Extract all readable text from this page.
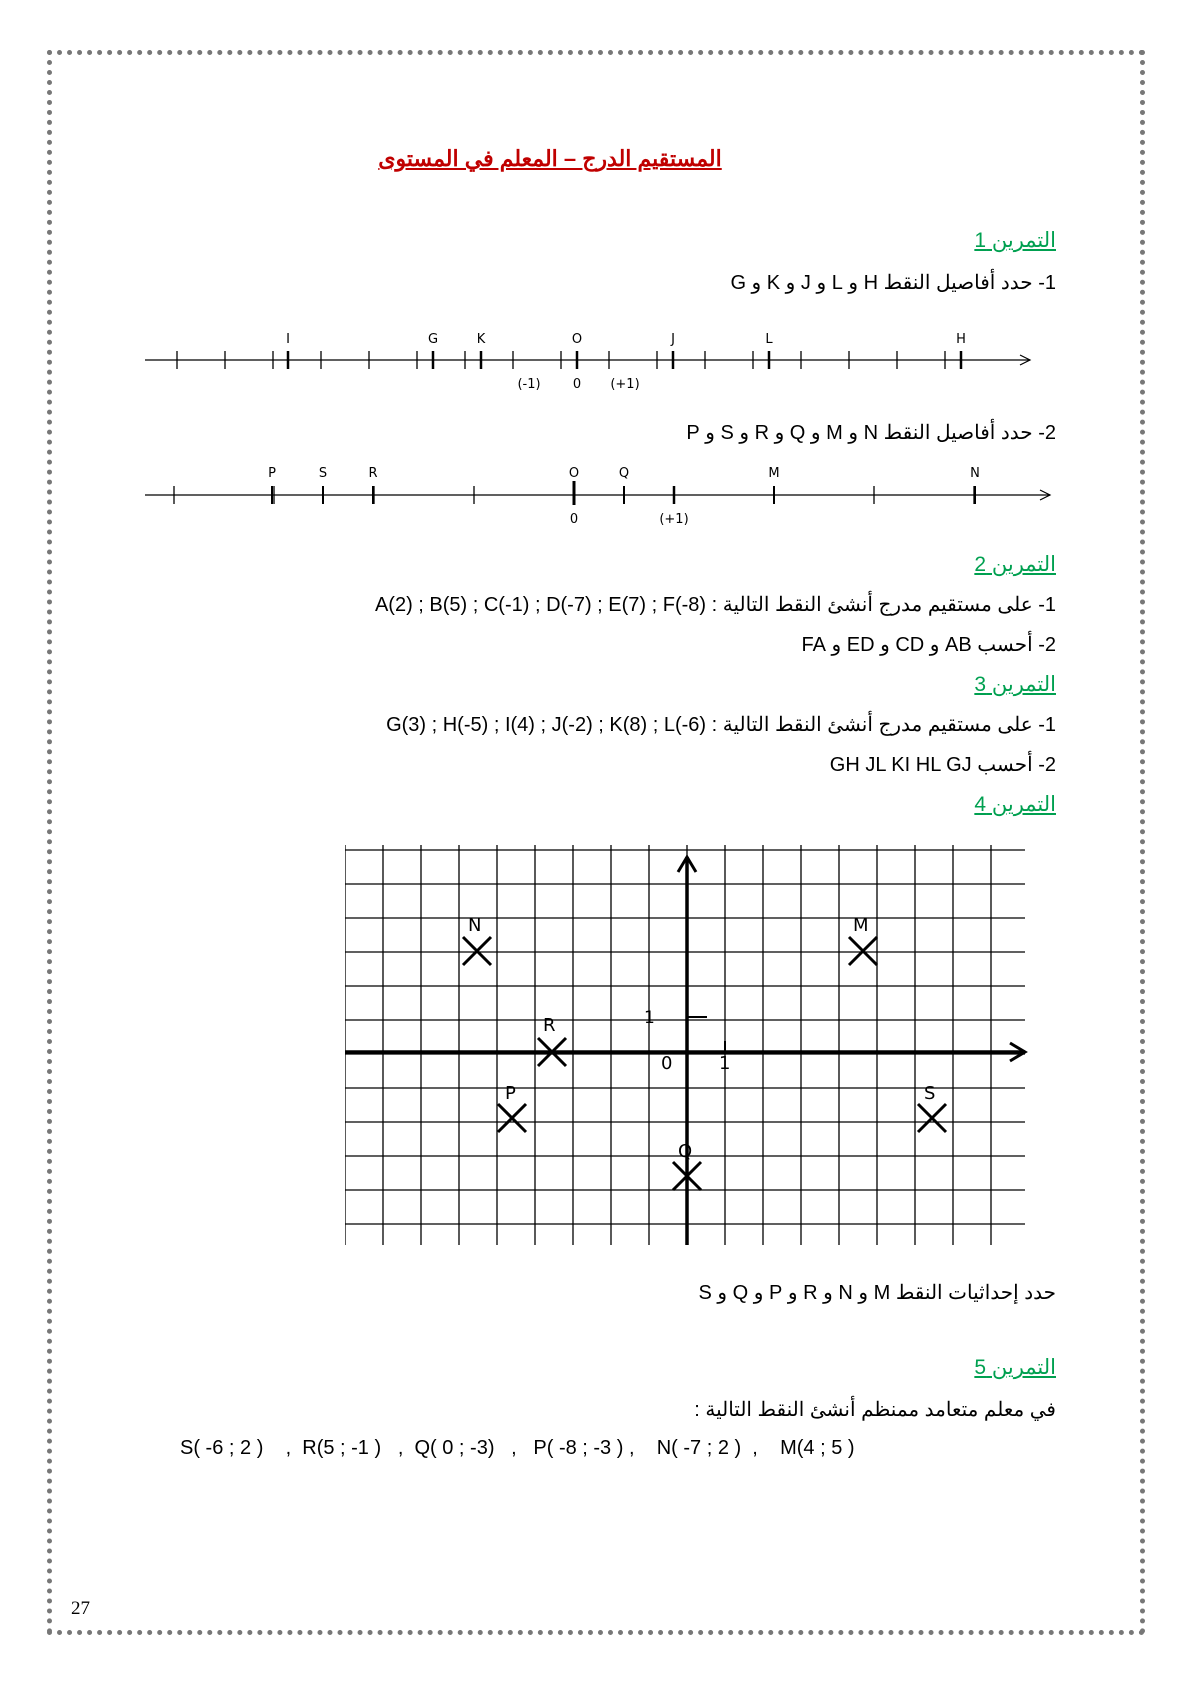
المستقيم الدرج – المعلم في المستوى
التمرين 1
1- حدد أفاصيل النقط H و L و J و K و G
I	G	K	O	J	L	H
(-1) 0 (+1)
2- حدد أفاصيل النقط N و M و Q و R و S و P
P	S	R	O	Q	M	N
0	(+1)
التمرين 2
A(2) ; B(5) ; C(-1) ; D(-7) ; E(7) ; F(-8) 1- على مستقيم مدرج أنشئ النقط التالية :
2- أحسب AB و CD و ED و FA
التمرين 3
G(3) ; H(-5) ; I(4) ; J(-2) ; K(8) ; L(-6) 1- على مستقيم مدرج أنشئ النقط التالية :
2- أحسب GH JL KI HL GJ
التمرين 4
0	1
1
N	M
R
P	S
Q
حدد إحداثيات النقط M و N و R و P و Q و S
التمرين 5
في معلم متعامد ممنظم أنشئ النقط التالية :
S( -6 ; 2 )    ,  R(5 ; -1 )   ,  Q( 0 ; -3)   ,   P( -8 ; -3 ) ,    N( -7 ; 2 )  ,    M(4 ; 5 )
27
